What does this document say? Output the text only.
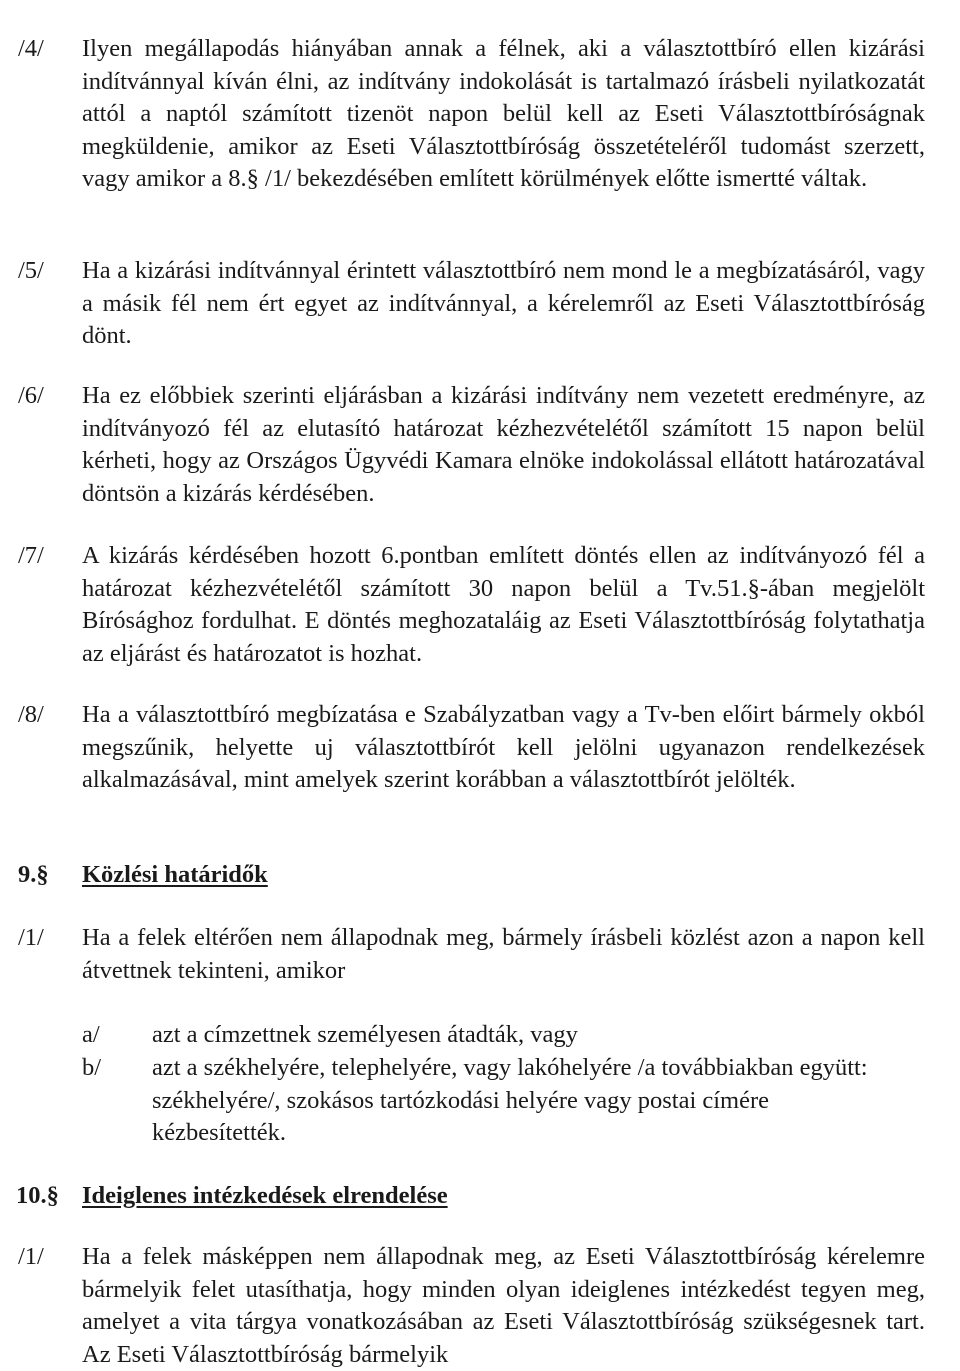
/4/	Ilyen megállapodás hiányában annak a félnek, aki a választottbíró ellen kizárási indítvánnyal kíván élni, az indítvány indokolását is tartalmazó írásbeli nyilatkozatát attól a naptól számított tizenöt napon belül kell az Eseti Választottbíróságnak megküldenie, amikor az Eseti Választottbíróság összetételéről tudomást szerzett, vagy amikor a 8.§ /1/ bekezdésében említett körülmények előtte ismertté váltak.
/5/	Ha a kizárási indítvánnyal érintett választottbíró nem mond le a megbízatásáról, vagy a másik fél nem ért egyet az indítvánnyal, a kérelemről az Eseti Választottbíróság dönt.
/6/	Ha ez előbbiek szerinti eljárásban a kizárási indítvány nem vezetett eredményre, az indítványozó fél az elutasító határozat kézhezvételétől számított 15 napon belül kérheti, hogy az Országos Ügyvédi Kamara elnöke indokolással ellátott határozatával döntsön a kizárás kérdésében.
/7/	A kizárás kérdésében hozott 6.pontban említett döntés ellen az indítványozó fél a határozat kézhezvételétől számított 30 napon belül a Tv.51.§-ában megjelölt Bírósághoz fordulhat. E döntés meghozataláig az Eseti Választottbíróság folytathatja az eljárást és határozatot is hozhat.
/8/	Ha a választottbíró megbízatása e Szabályzatban vagy a Tv-ben előirt bármely okból megszűnik, helyette uj választottbírót kell jelölni ugyanazon rendelkezések alkalmazásával, mint amelyek szerint korábban a választottbírót jelölték.
9.§ Közlési határidők
/1/	Ha a felek eltérően nem állapodnak meg, bármely írásbeli közlést azon a napon kell átvettnek tekinteni, amikor
a/	azt a címzettnek személyesen átadták, vagy
b/	azt a székhelyére, telephelyére, vagy lakóhelyére /a továbbiakban együtt: székhelyére/, szokásos tartózkodási helyére vagy postai címére kézbesítették.
10.§ Ideiglenes intézkedések elrendelése
/1/	Ha a felek másképpen nem állapodnak meg, az Eseti Választottbíróság kérelemre bármelyik felet utasíthatja, hogy minden olyan ideiglenes intézkedést tegyen meg, amelyet a vita tárgya vonatkozásában az Eseti Választottbíróság szükségesnek tart. Az Eseti Választottbíróság bármelyik
